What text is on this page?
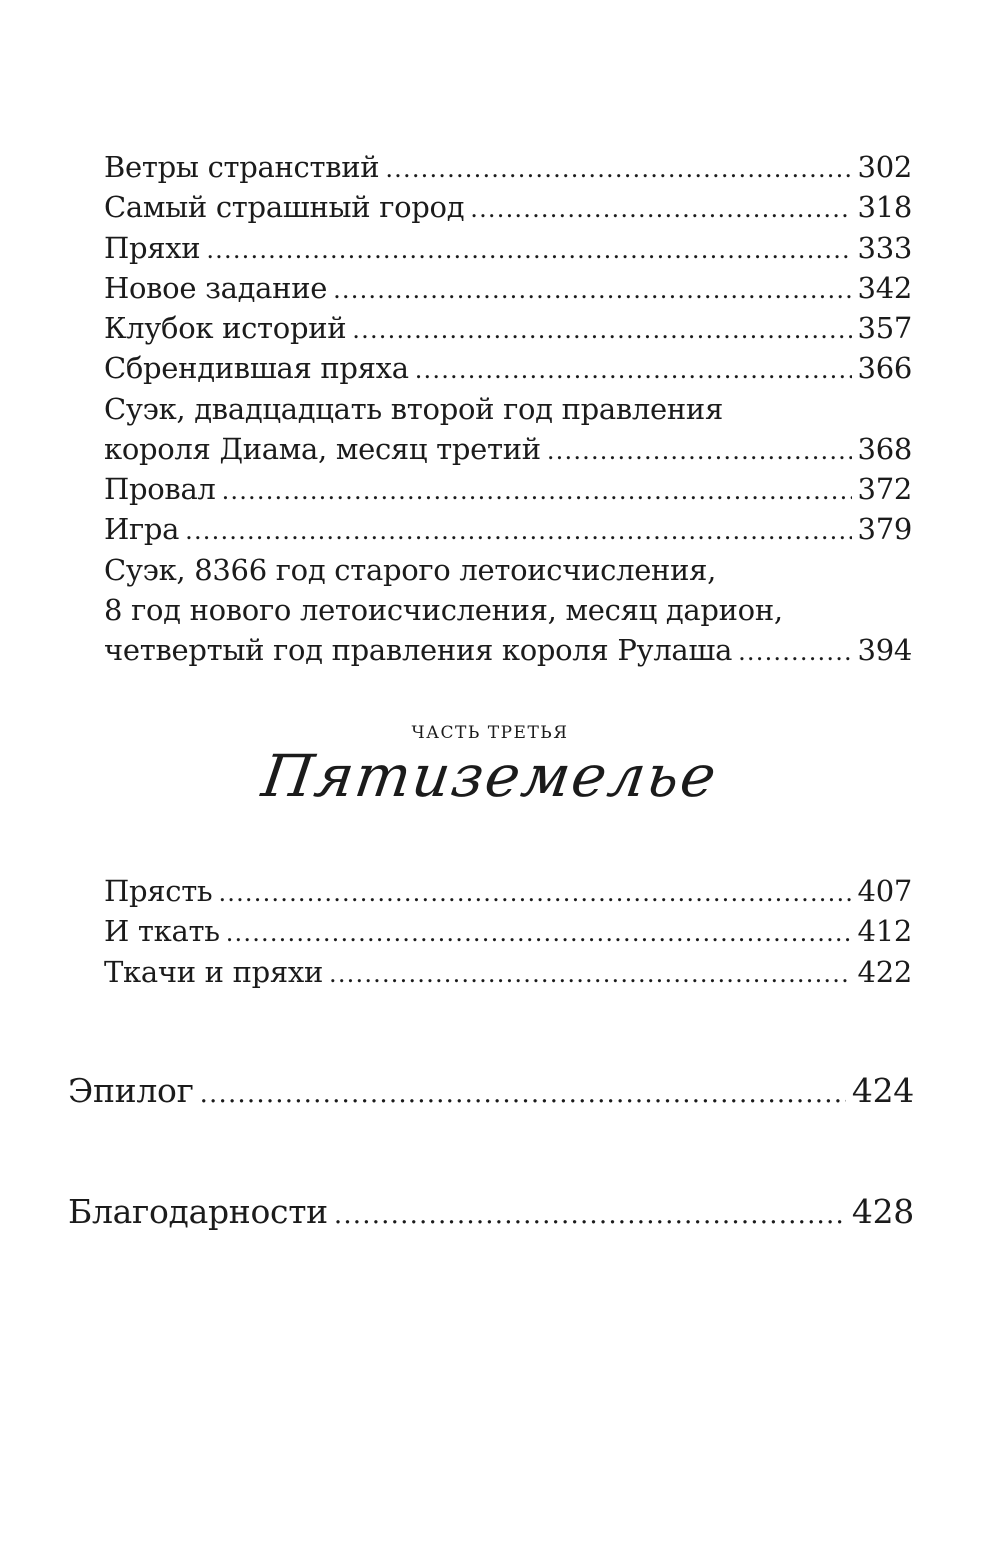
Ветры странствий .....	302
Самый страшный город .....	318
Пряхи .....	333
Новое задание .....	342
Клубок историй .....	357
Сбрендившая пряха .....	366
Суэк, двадцадцать второй год правления
короля Диама, месяц третий .....	368
Провал .....	372
Игра .....	379
Суэк, 8366 год старого летоисчисления,
8 год нового летоисчисления, месяц дарион,
четвертый год правления короля Рулаша .....	394
ЧАСТЬ ТРЕТЬЯ
Пятиземелье
Прясть .....	407
И ткать .....	412
Ткачи и пряхи .....	422
Эпилог .....	424
Благодарности .....	428
